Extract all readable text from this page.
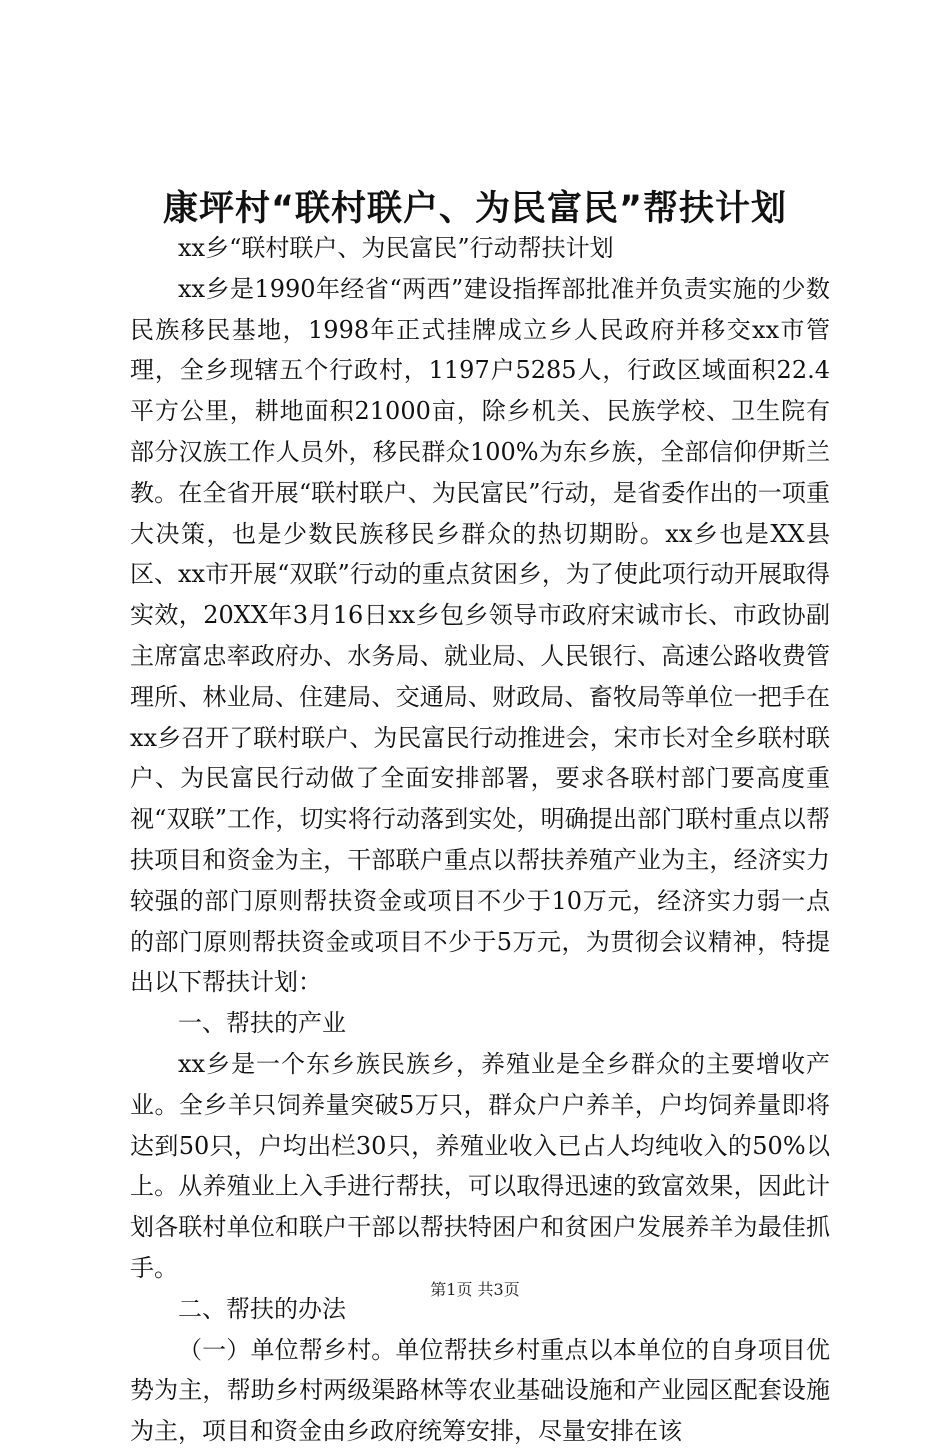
康坪村“联村联户、为民富民”帮扶计划

xx乡“联村联户、为民富民”行动帮扶计划

xx乡是1990年经省“两西”建设指挥部批准并负责实施的少数民族移民基地，1998年正式挂牌成立乡人民政府并移交xx市管理，全乡现辖五个行政村，1197户5285人，行政区域面积22.4平方公里，耕地面积21000亩，除乡机关、民族学校、卫生院有部分汉族工作人员外，移民群众100%为东乡族，全部信仰伊斯兰教。在全省开展“联村联户、为民富民”行动，是省委作出的一项重大决策，也是少数民族移民乡群众的热切期盼。xx乡也是XX县区、xx市开展“双联”行动的重点贫困乡，为了使此项行动开展取得实效，20XX年3月16日xx乡包乡领导市政府宋诚市长、市政协副主席富忠率政府办、水务局、就业局、人民银行、高速公路收费管理所、林业局、住建局、交通局、财政局、畜牧局等单位一把手在xx乡召开了联村联户、为民富民行动推进会，宋市长对全乡联村联户、为民富民行动做了全面安排部署，要求各联村部门要高度重视“双联”工作，切实将行动落到实处，明确提出部门联村重点以帮扶项目和资金为主，干部联户重点以帮扶养殖产业为主，经济实力较强的部门原则帮扶资金或项目不少于10万元，经济实力弱一点的部门原则帮扶资金或项目不少于5万元，为贯彻会议精神，特提出以下帮扶计划：

一、帮扶的产业

xx乡是一个东乡族民族乡，养殖业是全乡群众的主要增收产业。全乡羊只饲养量突破5万只，群众户户养羊，户均饲养量即将达到50只，户均出栏30只，养殖业收入已占人均纯收入的50%以上。从养殖业上入手进行帮扶，可以取得迅速的致富效果，因此计划各联村单位和联户干部以帮扶特困户和贫困户发展养羊为最佳抓手。

二、帮扶的办法

（一）单位帮乡村。单位帮扶乡村重点以本单位的自身项目优势为主，帮助乡村两级渠路林等农业基础设施和产业园区配套设施为主，项目和资金由乡政府统筹安排，尽量安排在该

第1页 共3页
